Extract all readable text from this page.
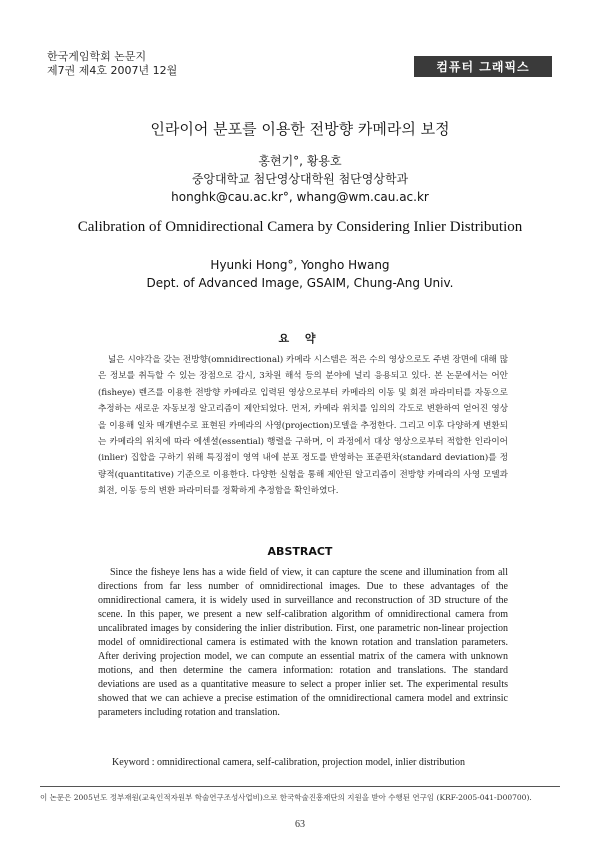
한국게임학회 논문지
제7권 제4호 2007년 12월	컴퓨터 그래픽스
인라이어 분포를 이용한 전방향 카메라의 보정
홍현기°, 황용호
중앙대학교 첨단영상대학원 첨단영상학과
honghk@cau.ac.kr°, whang@wm.cau.ac.kr
Calibration of Omnidirectional Camera by Considering Inlier Distribution
Hyunki Hong°, Yongho Hwang
Dept. of Advanced Image, GSAIM, Chung-Ang Univ.
요 약
넓은 시야각을 갖는 전방향(omnidirectional) 카메라 시스템은 적은 수의 영상으로도 주변 장면에 대해 많은 정보를 취득할 수 있는 장점으로 감시, 3차원 해석 등의 분야에 널리 응용되고 있다. 본 논문에서는 어안(fisheye) 렌즈를 이용한 전방향 카메라로 입력된 영상으로부터 카메라의 이동 및 회전 파라미터를 자동으로 추정하는 새로운 자동보정 알고리즘이 제안되었다. 먼저, 카메라 위치를 임의의 각도로 변환하여 얻어진 영상을 이용해 일차 매개변수로 표현된 카메라의 사영(projection)모델을 추정한다. 그리고 이후 다양하게 변환되는 카메라의 위치에 따라 에센셜(essential) 행렬을 구하며, 이 과정에서 대상 영상으로부터 적합한 인라이어(inlier) 집합을 구하기 위해 특징점이 영역 내에 분포 정도를 반영하는 표준편차(standard deviation)를 정량적(quantitative) 기준으로 이용한다. 다양한 실험을 통해 제안된 알고리즘이 전방향 카메라의 사영 모델과 회전, 이동 등의 변환 파라미터를 정확하게 추정함을 확인하였다.
ABSTRACT
Since the fisheye lens has a wide field of view, it can capture the scene and illumination from all directions from far less number of omnidirectional images. Due to these advantages of the omnidirectional camera, it is widely used in surveillance and reconstruction of 3D structure of the scene. In this paper, we present a new self-calibration algorithm of omnidirectional camera from uncalibrated images by considering the inlier distribution. First, one parametric non-linear projection model of omnidirectional camera is estimated with the known rotation and translation parameters. After deriving projection model, we can compute an essential matrix of the camera with unknown motions, and then determine the camera information: rotation and translations. The standard deviations are used as a quantitative measure to select a proper inlier set. The experimental results showed that we can achieve a precise estimation of the omnidirectional camera model and extrinsic parameters including rotation and translation.
Keyword : omnidirectional camera, self-calibration, projection model, inlier distribution
이 논문은 2005년도 정부재원(교육인적자원부 학술연구조성사업비)으로 한국학술진흥재단의 지원을 받아 수행된 연구임 (KRF-2005-041-D00700).
63
